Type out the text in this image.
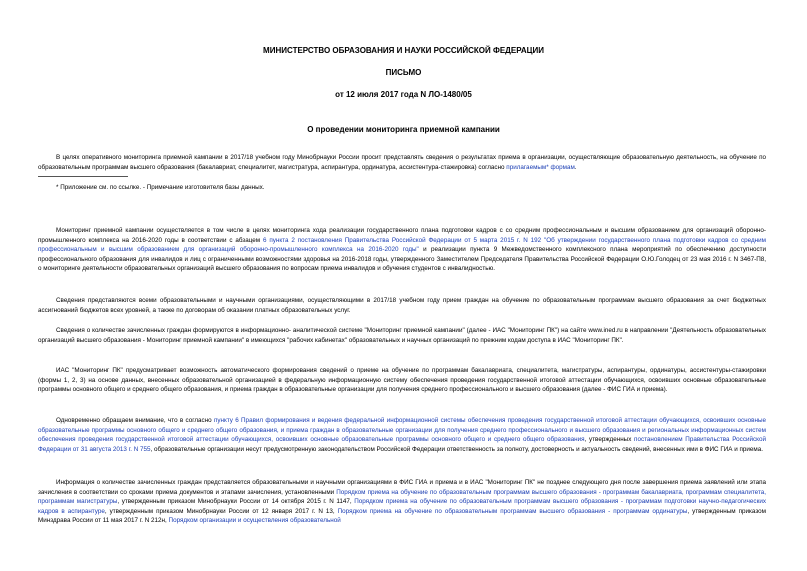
МИНИСТЕРСТВО ОБРАЗОВАНИЯ И НАУКИ РОССИЙСКОЙ ФЕДЕРАЦИИ
ПИСЬМО
от 12 июля 2017 года N ЛО-1480/05
О проведении мониторинга приемной кампании

В целях оперативного мониторинга приемной кампании в 2017/18 учебном году Минобрнауки России просит представлять сведения о результатах приема в организации, осуществляющие образовательную деятельность, на обучение по образовательным программам высшего образования (бакалавриат, специалитет, магистратура, аспирантура, ординатура, ассистентура-стажировка) согласно прилагаемым* формам.

* Приложение см. по ссылке. - Примечание изготовителя базы данных.

Мониторинг приемной кампании осуществляется в том числе в целях мониторинга хода реализации государственного плана подготовки кадров с со средним профессиональным и высшим образованием для организаций оборонно-промышленного комплекса на 2016-2020 годы в соответствии с абзацем 6 пункта 2 постановления Правительства Российской Федерации от 5 марта 2015 г. N 192 "Об утверждении государственного плана подготовки кадров со средним профессиональным и высшим образованием для организаций оборонно-промышленного комплекса на 2016-2020 годы" и реализации пункта 9 Межведомственного комплексного плана мероприятий по обеспечению доступности профессионального образования для инвалидов и лиц с ограниченными возможностями здоровья на 2016-2018 годы, утвержденного Заместителем Председателя Правительства Российской Федерации О.Ю.Голодец от 23 мая 2016 г. N 3467-П8, о мониторинге деятельности образовательных организаций высшего образования по вопросам приема инвалидов и обучения студентов с инвалидностью.

Сведения представляются всеми образовательными и научными организациями, осуществляющими в 2017/18 учебном году прием граждан на обучение по образовательным программам высшего образования за счет бюджетных ассигнований бюджетов всех уровней, а также по договорам об оказании платных образовательных услуг.

Сведения о количестве зачисленных граждан формируются в информационно- аналитической системе "Мониторинг приемной кампании" (далее - ИАС "Мониторинг ПК") на сайте www.ined.ru в направлении "Деятельность образовательных организаций высшего образования - Мониторинг приемной кампании" в имеющихся "рабочих кабинетах" образовательных и научных организаций по прежним кодам доступа в ИАС "Мониторинг ПК".

ИАС "Мониторинг ПК" предусматривает возможность автоматического формирования сведений о приеме на обучение по программам бакалавриата, специалитета, магистратуры, аспирантуры, ординатуры, ассистентуры-стажировки (формы 1, 2, 3) на основе данных, внесенных образовательной организацией в федеральную информационную систему обеспечения проведения государственной итоговой аттестации обучающихся, освоивших основные образовательные программы основного общего и среднего общего образования, и приема граждан в образовательные организации для получения среднего профессионального и высшего образования (далее - ФИС ГИА и приема).

Одновременно обращаем внимание, что в согласно пункту 6 Правил формирования и ведения федеральной информационной системы обеспечения проведения государственной итоговой аттестации обучающихся, освоивших основные образовательные программы основного общего и среднего общего образования, и приема граждан в образовательные организации для получения среднего профессионального и высшего образования и региональных информационных систем обеспечения проведения государственной итоговой аттестации обучающихся, освоивших основные образовательные программы основного общего и среднего общего образования, утвержденных постановлением Правительства Российской Федерации от 31 августа 2013 г. N 755, образовательные организации несут предусмотренную законодательством Российской Федерации ответственность за полноту, достоверность и актуальность сведений, внесенных ими в ФИС ГИА и приема.

Информация о количестве зачисленных граждан представляется образовательными и научными организациями в ФИС ГИА и приема и в ИАС "Мониторинг ПК" не позднее следующего дня после завершения приема заявлений или этапа зачисления в соответствии со сроками приема документов и этапами зачисления, установленными Порядком приема на обучение по образовательным программам высшего образования - программам бакалавриата, программам специалитета, программам магистратуры, утвержденным приказом Минобрнауки России от 14 октября 2015 г. N 1147, Порядком приема на обучение по образовательным программам высшего образования - программам подготовки научно-педагогических кадров в аспирантуре, утвержденным приказом Минобрнауки России от 12 января 2017 г. N 13, Порядком приема на обучение по образовательным программам высшего образования - программам ординатуры, утвержденным приказом Минздрава России от 11 мая 2017 г. N 212н, Порядком организации и осуществления образовательной
